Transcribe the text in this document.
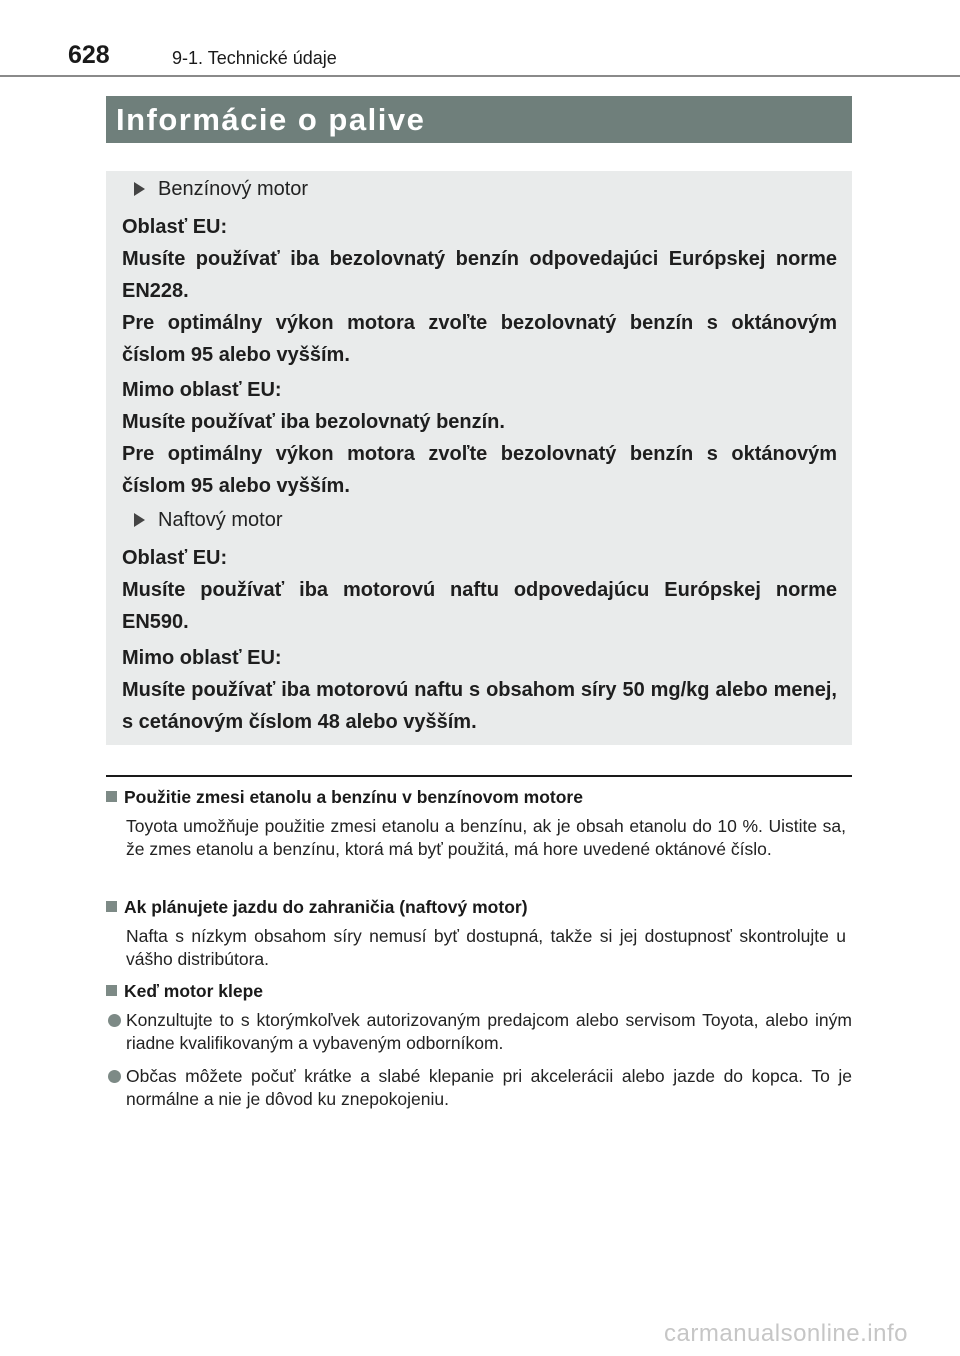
628	9-1. Technické údaje
Informácie o palive
Benzínový motor
Oblasť EU:
Musíte používať iba bezolovnatý benzín odpovedajúci Európskej norme EN228.
Pre optimálny výkon motora zvoľte bezolovnatý benzín s oktánovým číslom 95 alebo vyšším.
Mimo oblasť EU:
Musíte používať iba bezolovnatý benzín.
Pre optimálny výkon motora zvoľte bezolovnatý benzín s oktánovým číslom 95 alebo vyšším.
Naftový motor
Oblasť EU:
Musíte používať iba motorovú naftu odpovedajúcu Európskej norme EN590.
Mimo oblasť EU:
Musíte používať iba motorovú naftu s obsahom síry 50 mg/kg alebo menej, s cetánovým číslom 48 alebo vyšším.
Použitie zmesi etanolu a benzínu v benzínovom motore
Toyota umožňuje použitie zmesi etanolu a benzínu, ak je obsah etanolu do 10 %. Uistite sa, že zmes etanolu a benzínu, ktorá má byť použitá, má hore uvedené oktánové číslo.
Ak plánujete jazdu do zahraničia (naftový motor)
Nafta s nízkym obsahom síry nemusí byť dostupná, takže si jej dostupnosť skontrolujte u vášho distribútora.
Keď motor klepe
Konzultujte to s ktorýmkoľvek autorizovaným predajcom alebo servisom Toyota, alebo iným riadne kvalifikovaným a vybaveným odborníkom.
Občas môžete počuť krátke a slabé klepanie pri akcelerácii alebo jazde do kopca. To je normálne a nie je dôvod ku znepokojeniu.
carmanualsonline.info
